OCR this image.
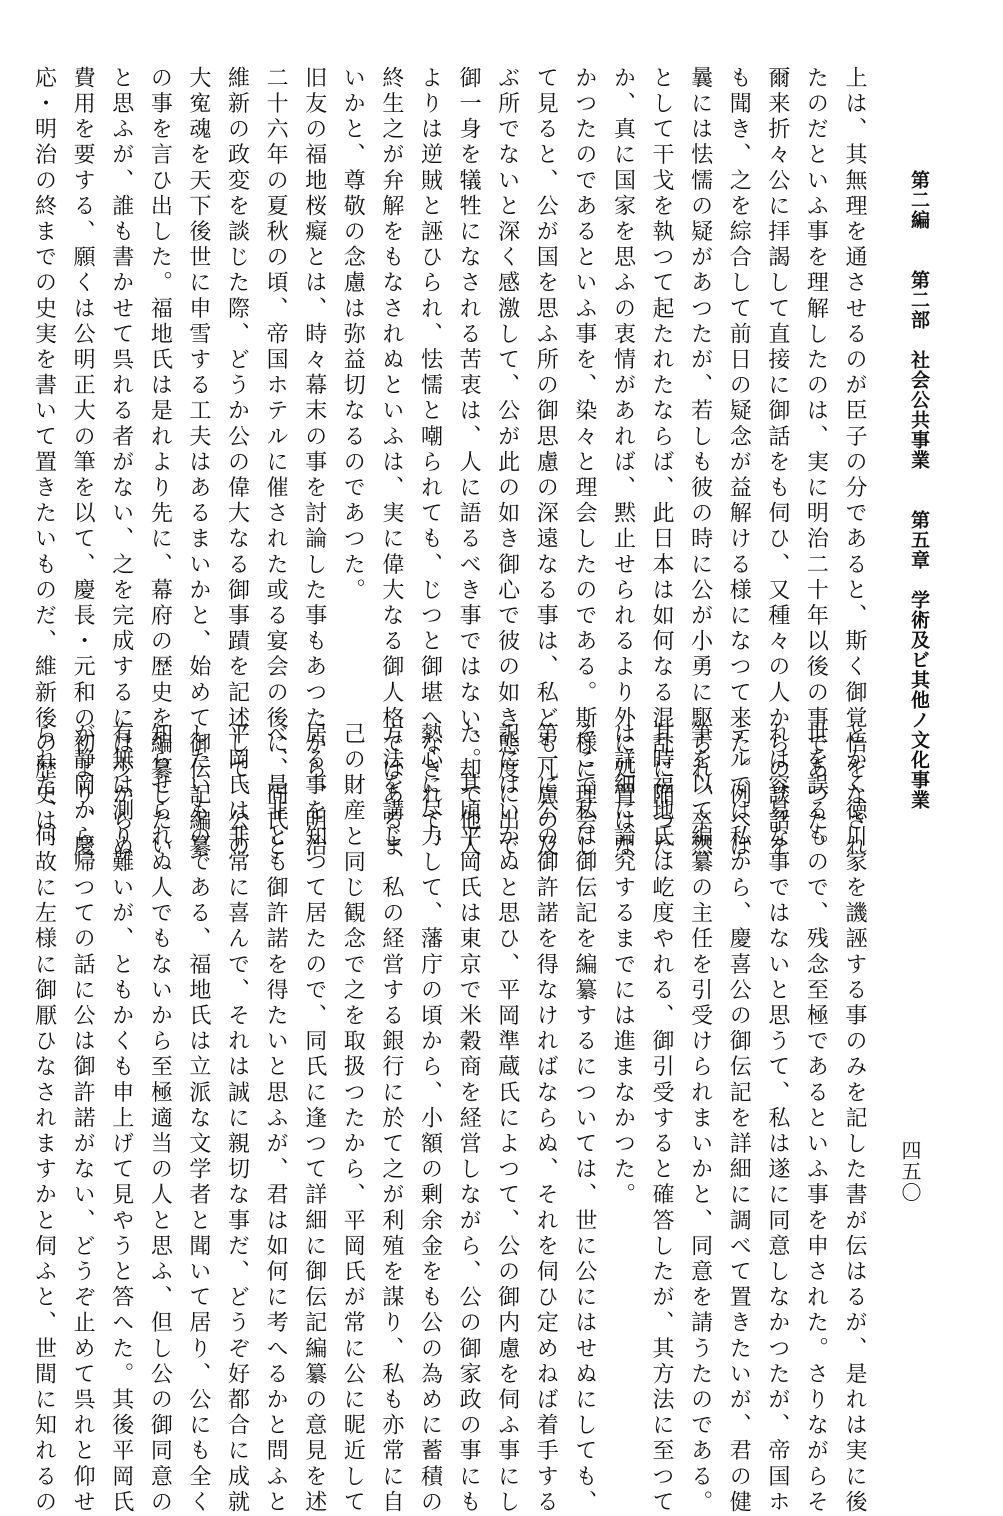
第二編　　第二部　社会公共事業　　第五章　学術及ビ其他ノ文化事業
四五〇

上は、其無理を通させるのが臣子の分であると、斯く御覚悟をなされ

たのだといふ事を理解したのは、実に明治二十年以後の事であつた。

爾来折々公に拝謁して直接に御話をも伺ひ、又種々の人からの談話を

も聞き、之を綜合して前日の疑念が益解ける様になつて来た。例へば

曩には怯懦の疑があつたが、若しも彼の時に公が小勇に駆られ、卒然

として干戈を執つて起たれたならば、此日本は如何なる混乱に陥つた

か、真に国家を思ふの衷情があれば、黙止せられるより外に処置はな

かつたのであるといふ事を、染々と理会したのである。斯様に理会し

て見ると、公が国を思ふ所の御思慮の深遠なる事は、私ども凡慮の及

ぶ所でないと深く感激して、公が此の如き御心で彼の如き態度に出で

御一身を犠牲になされる苦衷は、人に語るべき事ではない、却て他人

よりは逆賊と誣ひられ、怯懦と嘲られても、じつと御堪へなされて、

終生之が弁解をもなされぬといふは、実に偉大なる御人格ではあるま

いかと、尊敬の念慮は弥益切なるのであつた。

旧友の福地桜癡とは、時々幕末の事を討論した事もあつたから、明治

二十六年の夏秋の頃、帝国ホテルに催された或る宴会の後に、同氏と

維新の政変を談じた際、どうか公の偉大なる御事蹟を記述して、公の

大寃魂を天下後世に申雪する工夫はあるまいかと、始めて御伝記編纂

の事を言ひ出した。福地氏は是れより先に、幕府の歴史を編纂したい

と思ふが、誰も書かせて呉れる者がない、之を完成するには少からぬ

費用を要する、願くは公明正大の筆を以て、慶長・元和の初より、慶

応・明治の終までの史実を書いて置きたいものだ、維新後の歴史は、

とかく徳川家を譏誣する事のみを記した書が伝はるが、是れは実に後

世を誤るもので、残念至極であるといふ事を申された。さりながらそ

れは容易な事ではないと思うて、私は遂に同意しなかつたが、帝国ホ

テルでは私から、慶喜公の御伝記を詳細に調べて置きたいが、君の健

筆を以て編纂の主任を引受けられまいかと、同意を請うたのである。

其時福地氏は屹度やれる、御引受すると確答したが、其方法に至つて

は詳細に論究するまでには進まなかつた。

そこで私は御伝記を編纂するについては、世に公にはせぬにしても、

第一に公の御許諾を得なければならぬ、それを伺ひ定めねば着手する

訳にはいかぬと思ひ、平岡準蔵氏によつて、公の御内慮を伺ふ事にし

た。其頃平岡氏は東京で米穀商を経営しながら、公の御家政の事にも

熱心に尽力して、藩庁の頃から、小額の剰余金をも公の為めに蓄積の

方法を講じ、私の経営する銀行に於て之が利殖を謀り、私も亦常に自

己の財産と同じ観念で之を取扱つたから、平岡氏が常に公に昵近して

居る事を知つて居たので、同氏に逢つて詳細に御伝記編纂の意見を述

べ、是非とも御許諾を得たいと思ふが、君は如何に考へるかと問ふと

平岡氏は非常に喜んで、それは誠に親切な事だ、どうぞ好都合に成就

したいものである、福地氏は立派な文学者と聞いて居り、公にも全く

知らせられぬ人でもないから至極適当の人と思ふ、但し公の御同意の

有無は測り難いが、ともかくも申上げて見やうと答へた。其後平岡氏

が静岡から帰つての話に公は御許諾がない、どうぞ止めて呉れと仰せ

られた、何故に左様に御厭ひなされますかと伺ふと、世間に知れるの
